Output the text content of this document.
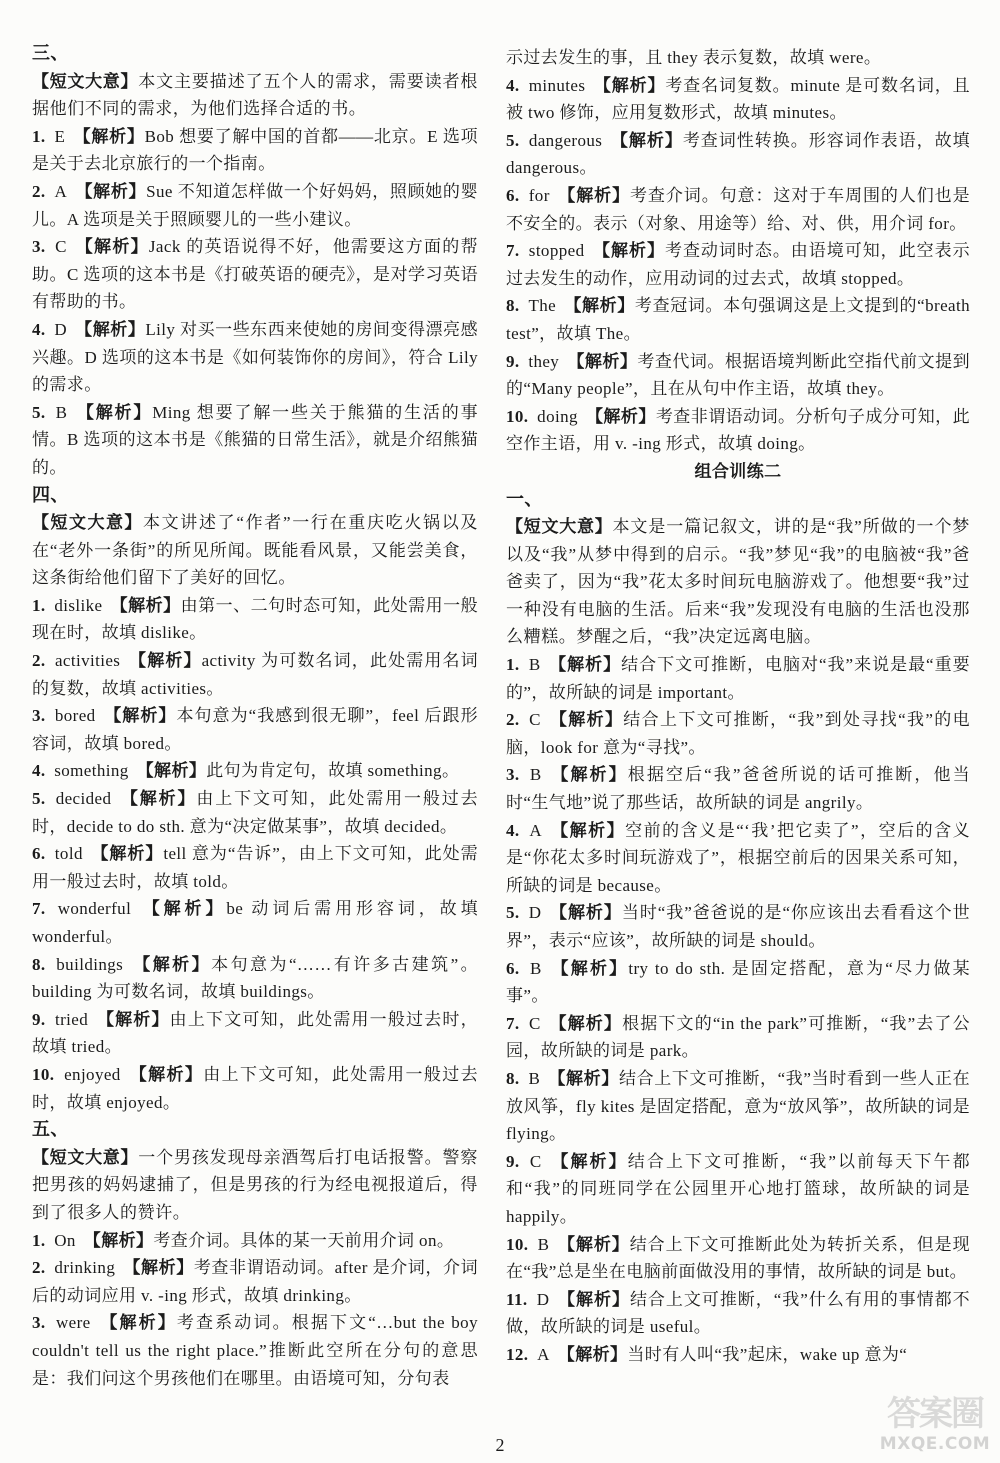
三、

【短文大意】本文主要描述了五个人的需求，需要读者根据他们不同的需求，为他们选择合适的书。

1. E 【解析】Bob 想要了解中国的首都——北京。E 选项是关于去北京旅行的一个指南。

2. A 【解析】Sue 不知道怎样做一个好妈妈，照顾她的婴儿。A 选项是关于照顾婴儿的一些小建议。

3. C 【解析】Jack 的英语说得不好，他需要这方面的帮助。C 选项的这本书是《打破英语的硬壳》，是对学习英语有帮助的书。

4. D 【解析】Lily 对买一些东西来使她的房间变得漂亮感兴趣。D 选项的这本书是《如何装饰你的房间》，符合 Lily 的需求。

5. B 【解析】Ming 想要了解一些关于熊猫的生活的事情。B 选项的这本书是《熊猫的日常生活》，就是介绍熊猫的。

四、

【短文大意】本文讲述了“作者”一行在重庆吃火锅以及在“老外一条街”的所见所闻。既能看风景，又能尝美食，这条街给他们留下了美好的回忆。

1. dislike 【解析】由第一、二句时态可知，此处需用一般现在时，故填 dislike。

2. activities 【解析】activity 为可数名词，此处需用名词的复数，故填 activities。

3. bored 【解析】本句意为“我感到很无聊”，feel 后跟形容词，故填 bored。

4. something 【解析】此句为肯定句，故填 something。

5. decided 【解析】由上下文可知，此处需用一般过去时，decide to do sth. 意为“决定做某事”，故填 decided。

6. told 【解析】tell 意为“告诉”，由上下文可知，此处需用一般过去时，故填 told。

7. wonderful 【解析】be 动词后需用形容词，故填 wonderful。

8. buildings 【解析】本句意为“……有许多古建筑”。building 为可数名词，故填 buildings。

9. tried 【解析】由上下文可知，此处需用一般过去时，故填 tried。

10. enjoyed 【解析】由上下文可知，此处需用一般过去时，故填 enjoyed。

五、

【短文大意】一个男孩发现母亲酒驾后打电话报警。警察把男孩的妈妈逮捕了，但是男孩的行为经电视报道后，得到了很多人的赞许。

1. On 【解析】考查介词。具体的某一天前用介词 on。

2. drinking 【解析】考查非谓语动词。after 是介词，介词后的动词应用 v. -ing 形式，故填 drinking。

3. were 【解析】考查系动词。根据下文“…but the boy couldn't tell us the right place.”推断此空所在分句的意思是：我们问这个男孩他们在哪里。由语境可知，分句表

示过去发生的事，且 they 表示复数，故填 were。

4. minutes 【解析】考查名词复数。minute 是可数名词，且被 two 修饰，应用复数形式，故填 minutes。

5. dangerous 【解析】考查词性转换。形容词作表语，故填 dangerous。

6. for 【解析】考查介词。句意：这对于车周围的人们也是不安全的。表示（对象、用途等）给、对、供，用介词 for。

7. stopped 【解析】考查动词时态。由语境可知，此空表示过去发生的动作，应用动词的过去式，故填 stopped。

8. The 【解析】考查冠词。本句强调这是上文提到的“breath test”，故填 The。

9. they 【解析】考查代词。根据语境判断此空指代前文提到的“Many people”，且在从句中作主语，故填 they。

10. doing 【解析】考查非谓语动词。分析句子成分可知，此空作主语，用 v. -ing 形式，故填 doing。

组合训练二

一、

【短文大意】本文是一篇记叙文，讲的是“我”所做的一个梦以及“我”从梦中得到的启示。“我”梦见“我”的电脑被“我”爸爸卖了，因为“我”花太多时间玩电脑游戏了。他想要“我”过一种没有电脑的生活。后来“我”发现没有电脑的生活也没那么糟糕。梦醒之后，“我”决定远离电脑。

1. B 【解析】结合下文可推断，电脑对“我”来说是最“重要的”，故所缺的词是 important。

2. C 【解析】结合上下文可推断，“我”到处寻找“我”的电脑，look for 意为“寻找”。

3. B 【解析】根据空后“我”爸爸所说的话可推断，他当时“生气地”说了那些话，故所缺的词是 angrily。

4. A 【解析】空前的含义是“‘我’把它卖了”，空后的含义是“你花太多时间玩游戏了”，根据空前后的因果关系可知，所缺的词是 because。

5. D 【解析】当时“我”爸爸说的是“你应该出去看看这个世界”，表示“应该”，故所缺的词是 should。

6. B 【解析】try to do sth. 是固定搭配，意为“尽力做某事”。

7. C 【解析】根据下文的“in the park”可推断，“我”去了公园，故所缺的词是 park。

8. B 【解析】结合上下文可推断，“我”当时看到一些人正在放风筝，fly kites 是固定搭配，意为“放风筝”，故所缺的词是 flying。

9. C 【解析】结合上下文可推断，“我”以前每天下午都和“我”的同班同学在公园里开心地打篮球，故所缺的词是 happily。

10. B 【解析】结合上下文可推断此处为转折关系，但是现在“我”总是坐在电脑前面做没用的事情，故所缺的词是 but。

11. D 【解析】结合上文可推断，“我”什么有用的事情都不做，故所缺的词是 useful。

12. A 【解析】当时有人叫“我”起床，wake up 意为“

2
答案圈
MXQE.COM
